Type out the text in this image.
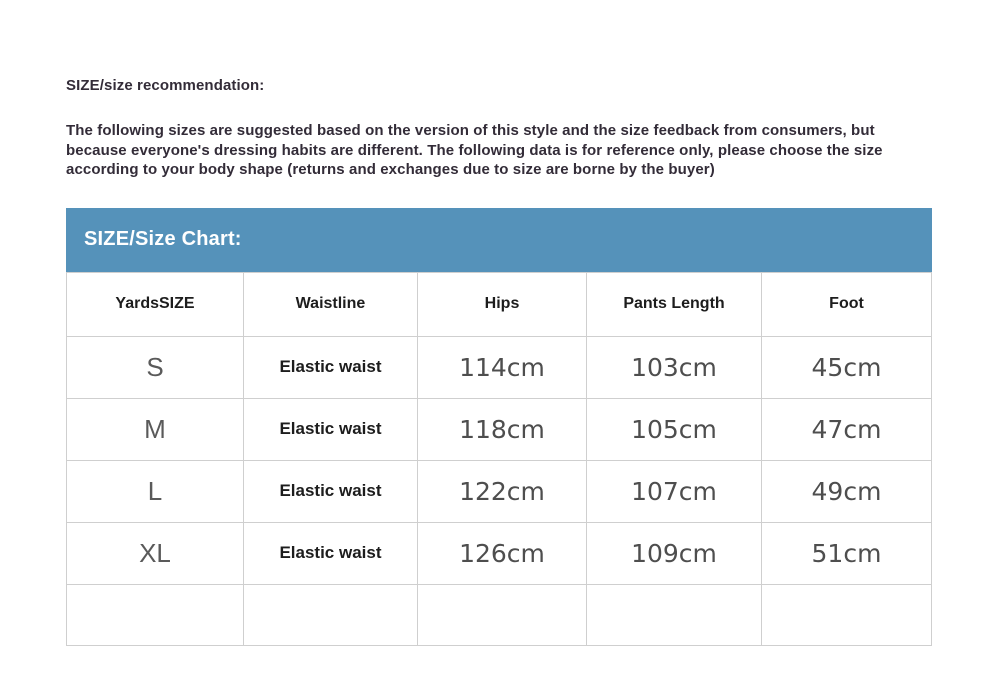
SIZE/size recommendation:
The following sizes are suggested based on the version of this style and the size feedback from consumers, but because everyone's dressing habits are different. The following data is for reference only, please choose the size according to your body shape (returns and exchanges due to size are borne by the buyer)
SIZE/Size Chart:
YardsSIZE	Waistline	Hips	Pants Length	Foot
S	Elastic waist	114cm	103cm	45cm
M	Elastic waist	118cm	105cm	47cm
L	Elastic waist	122cm	107cm	49cm
XL	Elastic waist	126cm	109cm	51cm
